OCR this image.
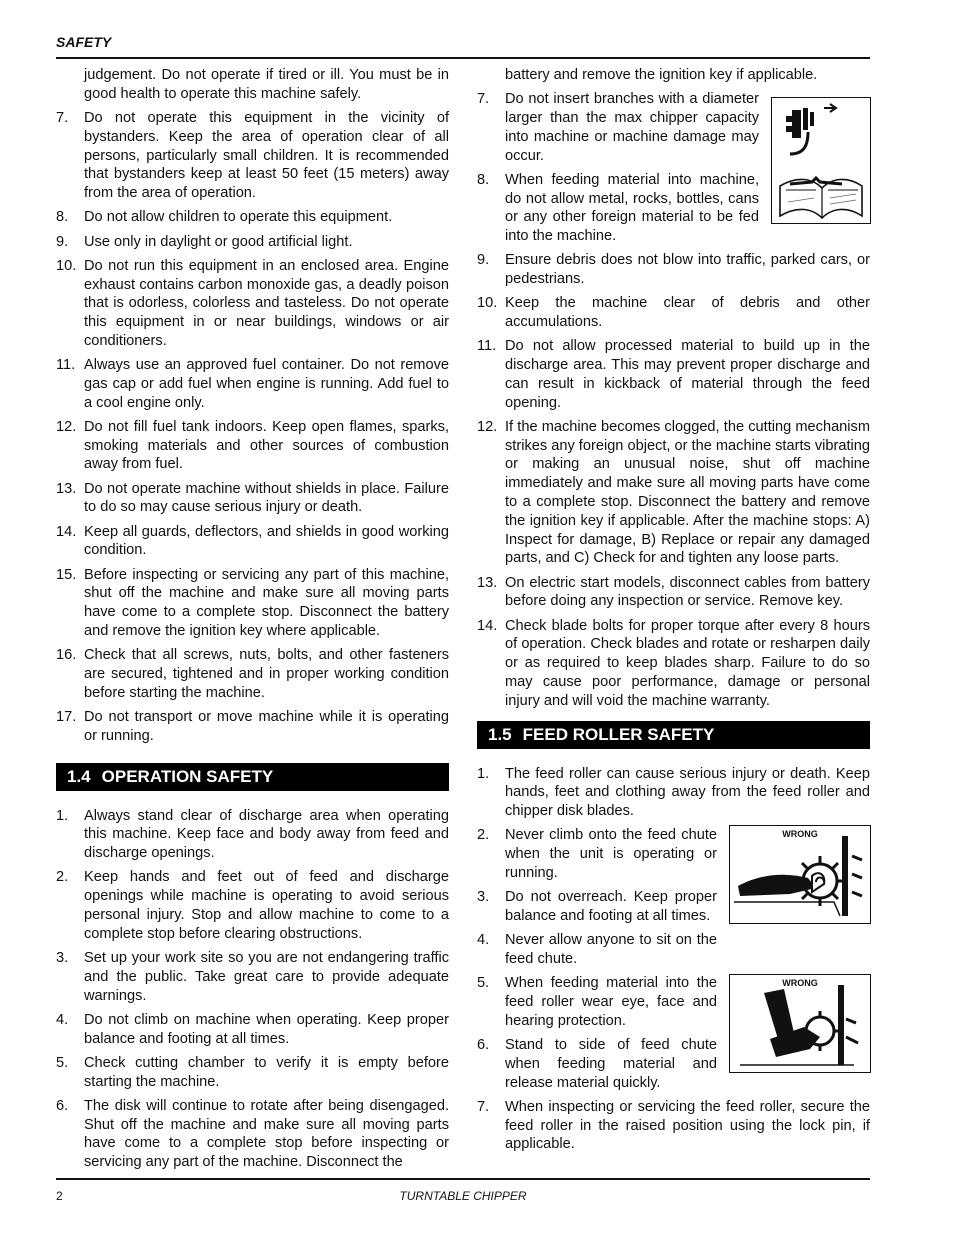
SAFETY
judgement. Do not operate if tired or ill. You must be in good health to operate this machine safely.
7.	Do not operate this equipment in the vicinity of bystanders. Keep the area of operation clear of all persons, particularly small children. It is recommended that bystanders keep at least 50 feet (15 meters) away from the area of operation.
8.	Do not allow children to operate this equipment.
9.	Use only in daylight or good artificial light.
10. Do not run this equipment in an enclosed area. Engine exhaust contains carbon monoxide gas, a deadly poison that is odorless, colorless and tasteless. Do not operate this equipment in or near buildings, windows or air conditioners.
11. Always use an approved fuel container. Do not remove gas cap or add fuel when engine is running. Add fuel to a cool engine only.
12. Do not fill fuel tank indoors. Keep open flames, sparks, smoking materials and other sources of combustion away from fuel.
13. Do not operate machine without shields in place. Failure to do so may cause serious injury or death.
14. Keep all guards, deflectors, and shields in good working condition.
15. Before inspecting or servicing any part of this machine, shut off the machine and make sure all moving parts have come to a complete stop. Disconnect the battery and remove the ignition key where applicable.
16. Check that all screws, nuts, bolts, and other fasteners are secured, tightened and in proper working condition before starting the machine.
17. Do not transport or move machine while it is operating or running.
1.4 OPERATION SAFETY
1.	Always stand clear of discharge area when operating this machine. Keep face and body away from feed and discharge openings.
2.	Keep hands and feet out of feed and discharge openings while machine is operating to avoid serious personal injury. Stop and allow machine to come to a complete stop before clearing obstructions.
3.	Set up your work site so you are not endangering traffic and the public. Take great care to provide adequate warnings.
4.	Do not climb on machine when operating. Keep proper balance and footing at all times.
5.	Check cutting chamber to verify it is empty before starting the machine.
6.	The disk will continue to rotate after being disengaged. Shut off the machine and make sure all moving parts have come to a complete stop before inspecting or servicing any part of the machine. Disconnect the
battery and remove the ignition key if applicable.
7.	Do not insert branches with a diameter larger than the max chipper capacity into machine or machine damage may occur.
8.	When feeding material into machine, do not allow metal, rocks, bottles, cans or any other foreign material to be fed into the machine.
9.	Ensure debris does not blow into traffic, parked cars, or pedestrians.
10. Keep the machine clear of debris and other accumulations.
11. Do not allow processed material to build up in the discharge area. This may prevent proper discharge and can result in kickback of material through the feed opening.
12. If the machine becomes clogged, the cutting mechanism strikes any foreign object, or the machine starts vibrating or making an unusual noise, shut off machine immediately and make sure all moving parts have come to a complete stop. Disconnect the battery and remove the ignition key if applicable. After the machine stops: A) Inspect for damage, B) Replace or repair any damaged parts, and C) Check for and tighten any loose parts.
13. On electric start models, disconnect cables from battery before doing any inspection or service. Remove key.
14. Check blade bolts for proper torque after every 8 hours of operation. Check blades and rotate or resharpen daily or as required to keep blades sharp. Failure to do so may cause poor performance, damage or personal injury and will void the machine warranty.
1.5 FEED ROLLER SAFETY
1.	The feed roller can cause serious injury or death. Keep hands, feet and clothing away from the feed roller and chipper disk blades.
2.	Never climb onto the feed chute when the unit is operating or running.
3.	Do not overreach. Keep proper balance and footing at all times.
4.	Never allow anyone to sit on the feed chute.
5.	When feeding material into the feed roller wear eye, face and hearing protection.
6.	Stand to side of feed chute when feeding material and release material quickly.
7.	When inspecting or servicing the feed roller, secure the feed roller in the raised position using the lock pin, if applicable.
WRONG
WRONG
2	TURNTABLE CHIPPER
